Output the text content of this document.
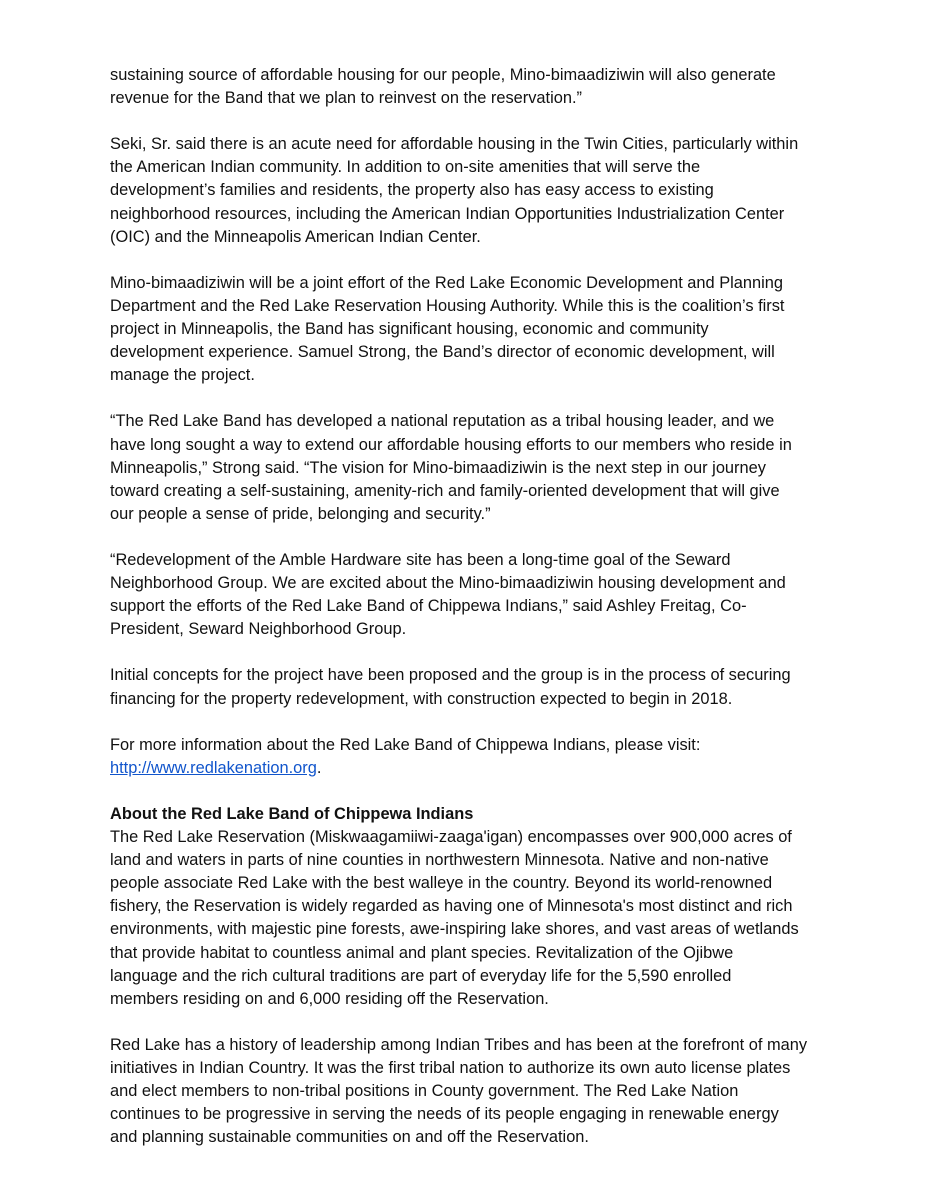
sustaining source of affordable housing for our people, Mino-bimaadiziwin will also generate
revenue for the Band that we plan to reinvest on the reservation.”

Seki, Sr. said there is an acute need for affordable housing in the Twin Cities, particularly within
the American Indian community. In addition to on-site amenities that will serve the
development’s families and residents, the property also has easy access to existing
neighborhood resources, including the American Indian Opportunities Industrialization Center
(OIC) and the Minneapolis American Indian Center.

Mino-bimaadiziwin will be a joint effort of the Red Lake Economic Development and Planning
Department and the Red Lake Reservation Housing Authority. While this is the coalition’s first
project in Minneapolis, the Band has significant housing, economic and community
development experience. Samuel Strong, the Band’s director of economic development, will
manage the project.

“The Red Lake Band has developed a national reputation as a tribal housing leader, and we
have long sought a way to extend our affordable housing efforts to our members who reside in
Minneapolis,” Strong said. “The vision for Mino-bimaadiziwin is the next step in our journey
toward creating a self-sustaining, amenity-rich and family-oriented development that will give
our people a sense of pride, belonging and security.”

“Redevelopment of the Amble Hardware site has been a long-time goal of the Seward
Neighborhood Group. We are excited about the Mino-bimaadiziwin housing development and
support the efforts of the Red Lake Band of Chippewa Indians,” said Ashley Freitag, Co-
President, Seward Neighborhood Group.

Initial concepts for the project have been proposed and the group is in the process of securing
financing for the property redevelopment, with construction expected to begin in 2018.

For more information about the Red Lake Band of Chippewa Indians, please visit:
http://www.redlakenation.org.

About the Red Lake Band of Chippewa Indians
The Red Lake Reservation (Miskwaagamiiwi-zaaga'igan) encompasses over 900,000 acres of
land and waters in parts of nine counties in northwestern Minnesota. Native and non-native
people associate Red Lake with the best walleye in the country. Beyond its world-renowned
fishery, the Reservation is widely regarded as having one of Minnesota's most distinct and rich
environments, with majestic pine forests, awe-inspiring lake shores, and vast areas of wetlands
that provide habitat to countless animal and plant species. Revitalization of the Ojibwe
language and the rich cultural traditions are part of everyday life for the 5,590 enrolled
members residing on and 6,000 residing off the Reservation.

Red Lake has a history of leadership among Indian Tribes and has been at the forefront of many
initiatives in Indian Country. It was the first tribal nation to authorize its own auto license plates
and elect members to non-tribal positions in County government. The Red Lake Nation
continues to be progressive in serving the needs of its people engaging in renewable energy
and planning sustainable communities on and off the Reservation.
